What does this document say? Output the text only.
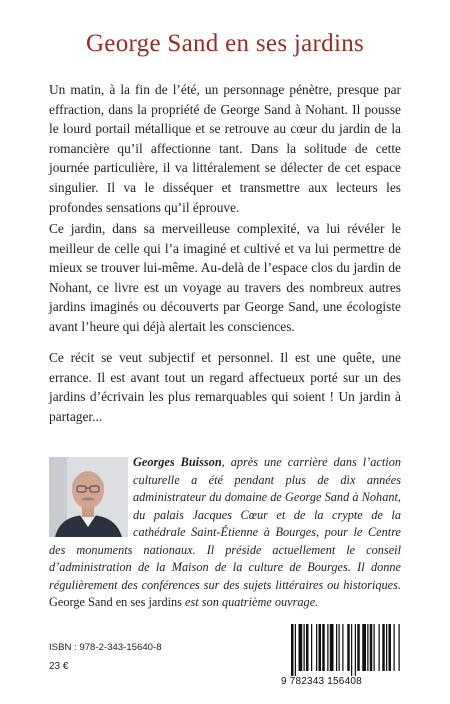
George Sand en ses jardins

Un matin, à la fin de l’été, un personnage pénètre, presque par effraction, dans la propriété de George Sand à Nohant. Il pousse le lourd portail métallique et se retrouve au cœur du jardin de la romancière qu’il affectionne tant. Dans la solitude de cette journée particulière, il va littéralement se délecter de cet espace singulier. Il va le disséquer et transmettre aux lecteurs les profondes sensations qu’il éprouve.

Ce jardin, dans sa merveilleuse complexité, va lui révéler le meilleur de celle qui l’a imaginé et cultivé et va lui permettre de mieux se trouver lui-même. Au-delà de l’espace clos du jardin de Nohant, ce livre est un voyage au travers des nombreux autres jardins imaginés ou découverts par George Sand, une écologiste avant l’heure qui déjà alertait les consciences.

Ce récit se veut subjectif et personnel. Il est une quête, une errance. Il est avant tout un regard affectueux porté sur un des jardins d’écrivain les plus remarquables qui soient ! Un jardin à partager...

Georges Buisson, après une carrière dans l’action culturelle a été pendant plus de dix années administrateur du domaine de George Sand à Nohant, du palais Jacques Cœur et de la crypte de la cathédrale Saint-Étienne à Bourges, pour le Centre des monuments nationaux. Il préside actuellement le conseil d’administration de la Maison de la culture de Bourges. Il donne régulièrement des conférences sur des sujets littéraires ou historiques. George Sand en ses jardins est son quatrième ouvrage.

ISBN : 978-2-343-15640-8
23 €
9 782343 156408
